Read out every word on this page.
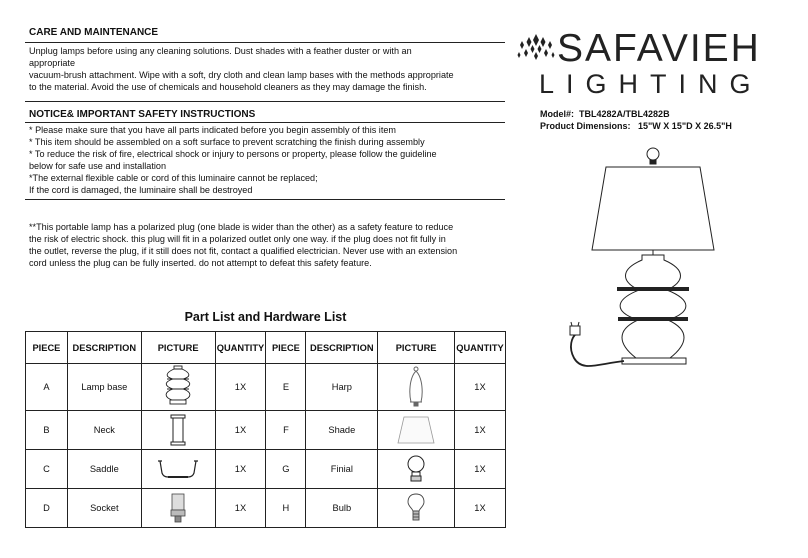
CARE AND MAINTENANCE
Unplug lamps before using any cleaning solutions. Dust shades with a feather duster or with an
appropriate
vacuum-brush attachment. Wipe with a soft, dry cloth and clean lamp bases with the methods appropriate
to the material. Avoid the use of chemicals and household cleaners as they may damage the finish.
NOTICE& IMPORTANT SAFETY INSTRUCTIONS
* Please make sure that you have all parts indicated before you begin assembly of this item
* This item should be assembled on a soft surface to prevent scratching the finish during assembly
* To reduce the risk of fire, electrical shock or injury to persons or property, please follow the guideline
below for safe use and installation
*The external flexible cable or cord of this luminaire cannot be replaced;
If the cord is damaged, the luminaire shall be destroyed
**This portable lamp has a polarized plug (one blade is wider than the other) as a safety feature to reduce
the risk of electric shock. this plug will fit in a polarized outlet only one way. if the plug does not fit fully in
the outlet, reverse the plug, if it still does not fit, contact a qualified electrician. Never use with an extension
cord unless the plug can be fully inserted. do not attempt to defeat this safety feature.
SAFAVIEH
LIGHTING
Model#: TBL4282A/TBL4282B
Product Dimensions: 15"W X 15"D X 26.5"H
Part List and Hardware List
PIECE	DESCRIPTION	PICTURE	QUANTITY	PIECE	DESCRIPTION	PICTURE	QUANTITY
A	Lamp base		1X	E	Harp		1X
B	Neck		1X	F	Shade		1X
C	Saddle		1X	G	Finial		1X
D	Socket		1X	H	Bulb		1X
